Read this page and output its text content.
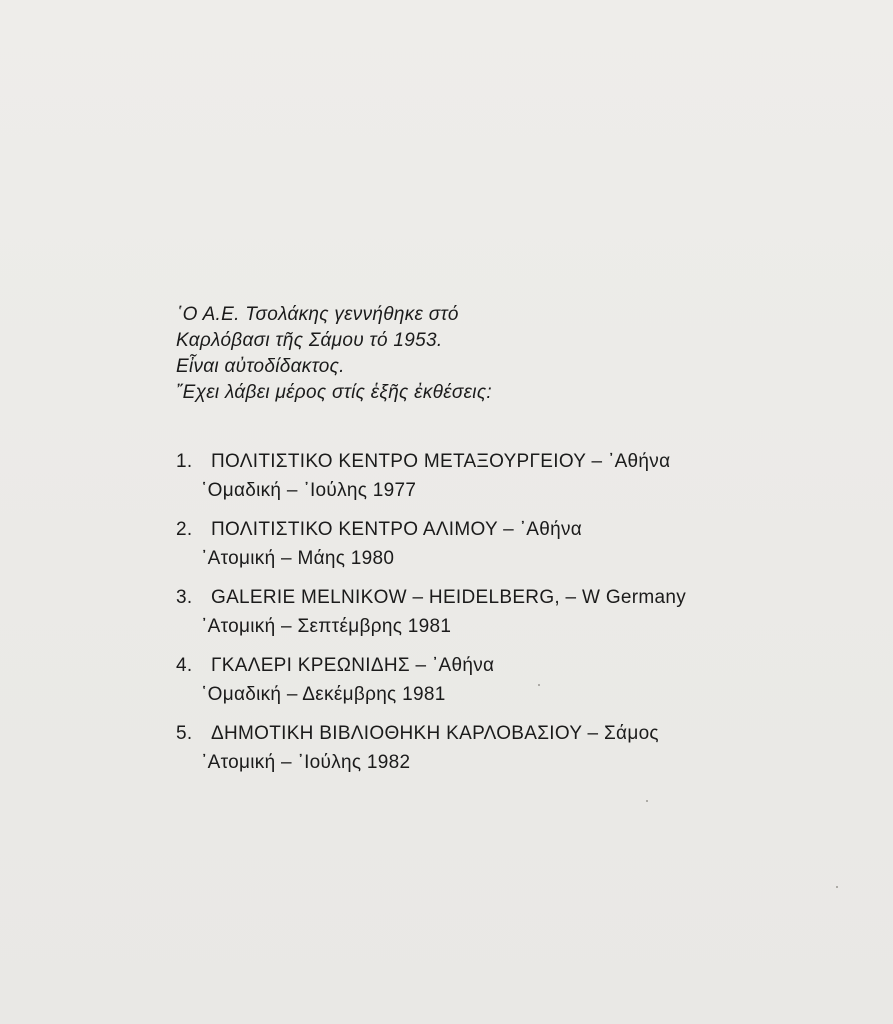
῾Ο Α.Ε. Τσολάκης γεννήθηκε στό
Καρλόβασι τῆς Σάμου τό 1953.
Εἶναι αὐτοδίδακτος.
῎Εχει λάβει μέρος στίς ἑξῆς ἐκθέσεις:
1. ΠΟΛΙΤΙΣΤΙΚΟ ΚΕΝΤΡΟ ΜΕΤΑΞΟΥΡΓΕΙΟΥ – ᾿Αθήνα
῾Ομαδική – ᾿Ιούλης 1977
2. ΠΟΛΙΤΙΣΤΙΚΟ ΚΕΝΤΡΟ ΑΛΙΜΟΥ – ᾿Αθήνα
᾿Ατομική – Μάης 1980
3. GALERIE MELNIKOW – HEIDELBERG, – W Germany
᾿Ατομική – Σεπτέμβρης 1981
4. ΓΚΑΛΕΡΙ ΚΡΕΩΝΙΔΗΣ – ᾿Αθήνα
῾Ομαδική – Δεκέμβρης 1981
5. ΔΗΜΟΤΙΚΗ ΒΙΒΛΙΟΘΗΚΗ ΚΑΡΛΟΒΑΣΙΟΥ – Σάμος
᾿Ατομική – ᾿Ιούλης 1982
